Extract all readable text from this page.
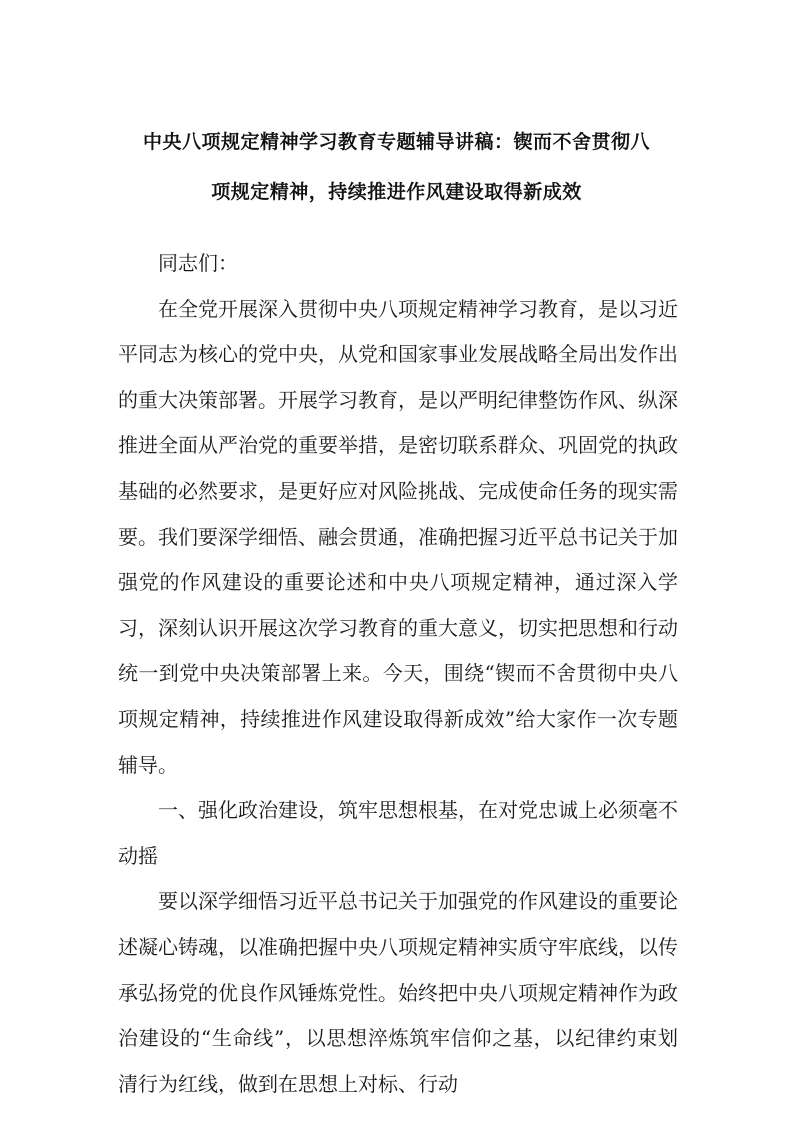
中央八项规定精神学习教育专题辅导讲稿：锲而不舍贯彻八
项规定精神，持续推进作风建设取得新成效

同志们：

在全党开展深入贯彻中央八项规定精神学习教育，是以习近平同志为核心的党中央，从党和国家事业发展战略全局出发作出的重大决策部署。开展学习教育，是以严明纪律整饬作风、纵深推进全面从严治党的重要举措，是密切联系群众、巩固党的执政基础的必然要求，是更好应对风险挑战、完成使命任务的现实需要。我们要深学细悟、融会贯通，准确把握习近平总书记关于加强党的作风建设的重要论述和中央八项规定精神，通过深入学习，深刻认识开展这次学习教育的重大意义，切实把思想和行动统一到党中央决策部署上来。今天，围绕“锲而不舍贯彻中央八项规定精神，持续推进作风建设取得新成效”给大家作一次专题辅导。

一、强化政治建设，筑牢思想根基，在对党忠诚上必须毫不动摇

要以深学细悟习近平总书记关于加强党的作风建设的重要论述凝心铸魂，以准确把握中央八项规定精神实质守牢底线，以传承弘扬党的优良作风锤炼党性。始终把中央八项规定精神作为政治建设的“生命线”，以思想淬炼筑牢信仰之基，以纪律约束划清行为红线，做到在思想上对标、行动
